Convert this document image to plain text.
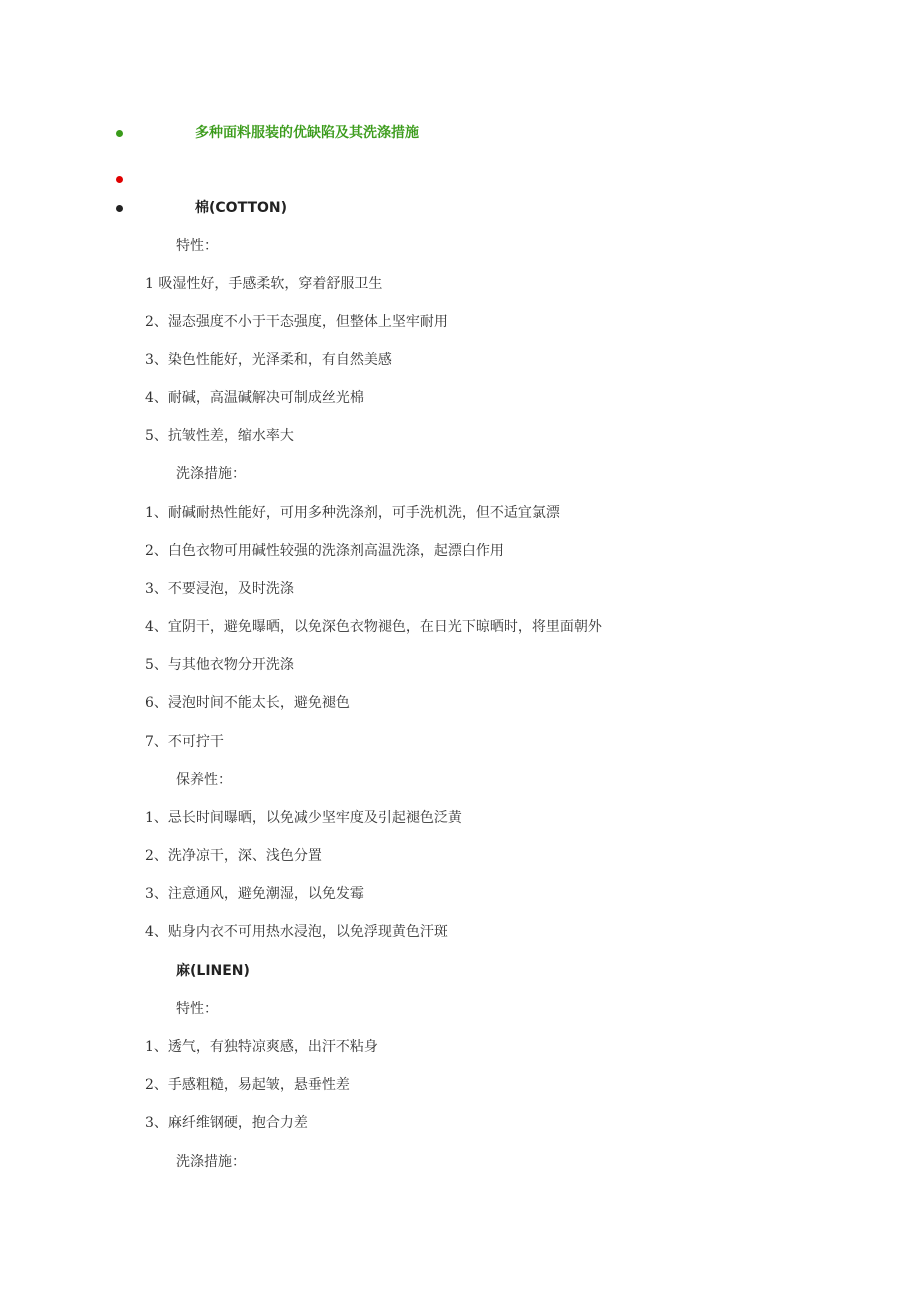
多种面料服装的优缺陷及其洗涤措施
棉(COTTON)
特性：
1 吸湿性好，手感柔软，穿着舒服卫生
2、湿态强度不小于干态强度，但整体上坚牢耐用
3、染色性能好，光泽柔和，有自然美感
4、耐碱，高温碱解决可制成丝光棉
5、抗皱性差，缩水率大
洗涤措施：
1、耐碱耐热性能好，可用多种洗涤剂，可手洗机洗，但不适宜氯漂
2、白色衣物可用碱性较强的洗涤剂高温洗涤，起漂白作用
3、不要浸泡，及时洗涤
4、宜阴干，避免曝晒，以免深色衣物褪色，在日光下晾晒时，将里面朝外
5、与其他衣物分开洗涤
6、浸泡时间不能太长，避免褪色
7、不可拧干
保养性：
1、忌长时间曝晒，以免减少坚牢度及引起褪色泛黄
2、洗净凉干，深、浅色分置
3、注意通风，避免潮湿，以免发霉
4、贴身内衣不可用热水浸泡，以免浮现黄色汗斑
麻(LINEN)
特性：
1、透气，有独特凉爽感，出汗不粘身
2、手感粗糙，易起皱，悬垂性差
3、麻纤维钢硬，抱合力差
洗涤措施：
